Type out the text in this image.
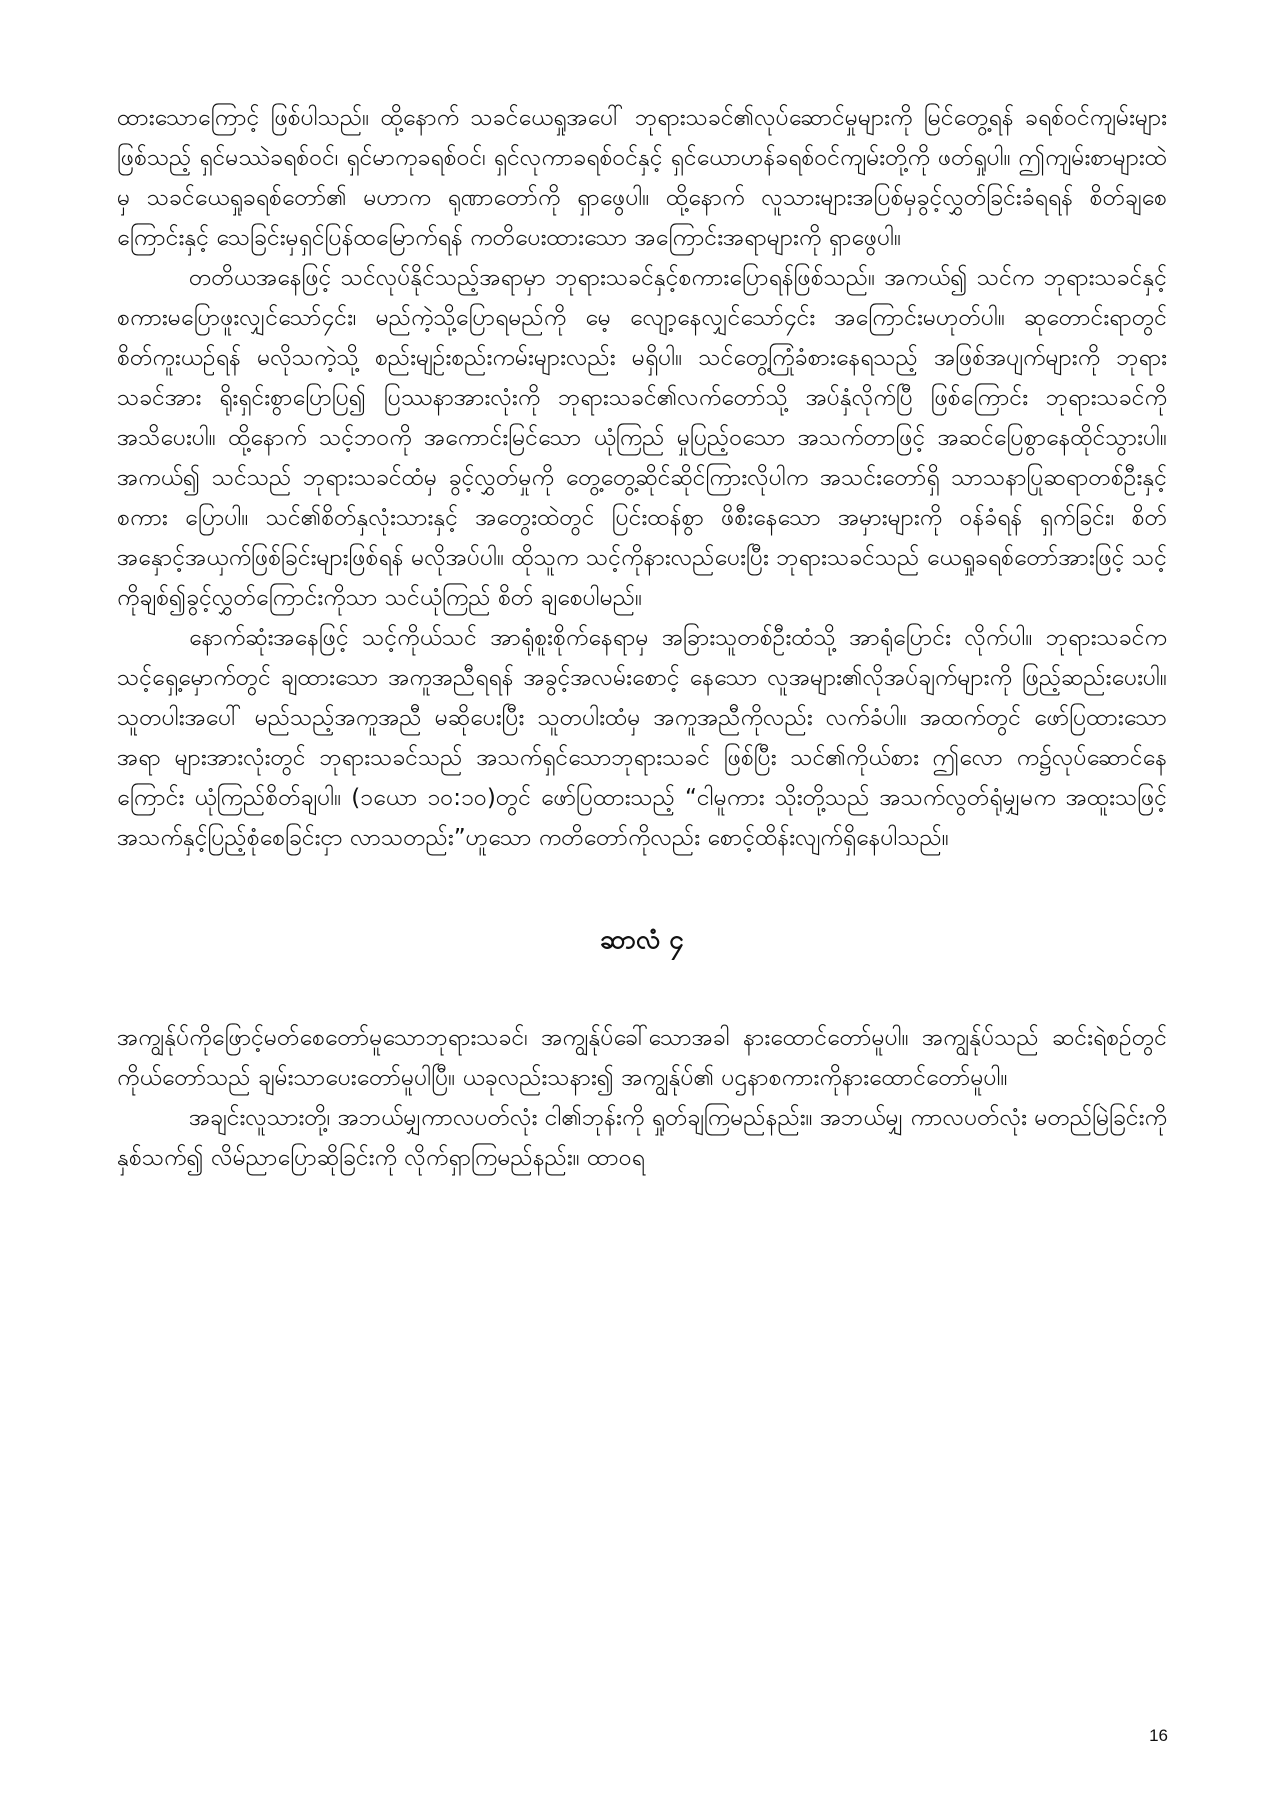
ထားသောကြောင့် ဖြစ်ပါသည်။ ထို့နောက် သခင်ယေရှုအပေါ် ဘုရားသခင်၏လုပ်ဆောင်မှုများကို မြင်တွေ့ရန် ခရစ်ဝင်ကျမ်းများ ဖြစ်သည့် ရှင်မဿဲခရစ်ဝင်၊ ရှင်မာကုခရစ်ဝင်၊ ရှင်လုကာခရစ်ဝင်နှင့် ရှင်ယောဟန်ခရစ်ဝင်ကျမ်းတို့ကို ဖတ်ရှုပါ။ ဤကျမ်းစာများထဲမှ သခင်ယေရှုခရစ်တော်၏ မဟာက ရုဏာတော်ကို ရှာဖွေပါ။ ထို့နောက် လူသားများအပြစ်မှခွင့်လွှတ်ခြင်းခံရရန် စိတ်ချစေကြောင်းနှင့် သေခြင်းမှရှင်ပြန်ထမြောက်ရန် ကတိပေးထားသော အကြောင်းအရာများကို ရှာဖွေပါ။

တတိယအနေဖြင့် သင်လုပ်နိုင်သည့်အရာမှာ ဘုရားသခင်နှင့်စကားပြောရန်ဖြစ်သည်။ အကယ်၍ သင်က ဘုရားသခင်နှင့်စကားမပြောဖူးလျှင်သော်၄င်း၊ မည်ကဲ့သို့ပြောရမည်ကို မေ့ လျော့နေလျှင်သော်၄င်း အကြောင်းမဟုတ်ပါ။ ဆုတောင်းရာတွင် စိတ်ကူးယဉ်ရန် မလိုသကဲ့သို့ စည်းမျဉ်းစည်းကမ်းများလည်း မရှိပါ။ သင်တွေ့ကြုံခံစားနေရသည့် အဖြစ်အပျက်များကို ဘုရား သခင်အား ရိုးရှင်းစွာပြောပြ၍ ပြဿနာအားလုံးကို ဘုရားသခင်၏လက်တော်သို့ အပ်နှံလိုက်ပြီ ဖြစ်ကြောင်း ဘုရားသခင်ကို အသိပေးပါ။ ထို့နောက် သင့်ဘဝကို အကောင်းမြင်သော ယုံကြည် မှုပြည့်ဝသော အသက်တာဖြင့် အဆင်ပြေစွာနေထိုင်သွားပါ။ အကယ်၍ သင်သည် ဘုရားသခင်ထံမှ ခွင့်လွှတ်မှုကို တွေ့တွေ့ဆိုင်ဆိုင်ကြားလိုပါက အသင်းတော်ရှိ သာသနာပြုဆရာတစ်ဦးနှင့် စကား ပြောပါ။ သင်၏စိတ်နှလုံးသားနှင့် အတွေးထဲတွင် ပြင်းထန်စွာ ဖိစီးနေသော အမှားများကို ဝန်ခံရန် ရှက်ခြင်း၊ စိတ်အနှောင့်အယှက်ဖြစ်ခြင်းများဖြစ်ရန် မလိုအပ်ပါ။ ထိုသူက သင့်ကိုနားလည်ပေးပြီး ဘုရားသခင်သည် ယေရှုခရစ်တော်အားဖြင့် သင့်ကိုချစ်၍ခွင့်လွှတ်ကြောင်းကိုသာ သင်ယုံကြည် စိတ် ချစေပါမည်။

နောက်ဆုံးအနေဖြင့် သင့်ကိုယ်သင် အာရုံစူးစိုက်နေရာမှ အခြားသူတစ်ဦးထံသို့ အာရုံပြောင်း လိုက်ပါ။ ဘုရားသခင်က သင့်ရှေ့မှောက်တွင် ချထားသော အကူအညီရရန် အခွင့်အလမ်းစောင့် နေသော လူအများ၏လိုအပ်ချက်များကို ဖြည့်ဆည်းပေးပါ။ သူတပါးအပေါ် မည်သည့်အကူအညီ မဆိုပေးပြီး သူတပါးထံမှ အကူအညီကိုလည်း လက်ခံပါ။ အထက်တွင် ဖော်ပြထားသော အရာ များအားလုံးတွင် ဘုရားသခင်သည် အသက်ရှင်သောဘုရားသခင် ဖြစ်ပြီး သင်၏ကိုယ်စား ဤလော က၌လုပ်ဆောင်နေကြောင်း ယုံကြည်စိတ်ချပါ။ (၁ယော ၁၀:၁၀)တွင် ဖော်ပြထားသည့် “ငါမူကား သိုးတို့သည် အသက်လွတ်ရုံမျှမက အထူးသဖြင့် အသက်နှင့်ပြည့်စုံစေခြင်းငှာ လာသတည်း”ဟူသော ကတိတော်ကိုလည်း စောင့်ထိန်းလျက်ရှိနေပါသည်။

ဆာလံ ၄

အကျွန်ုပ်ကိုဖြောင့်မတ်စေတော်မူသောဘုရားသခင်၊ အကျွန်ုပ်ခေါ်သောအခါ နားထောင်တော်မူပါ။ အကျွန်ုပ်သည် ဆင်းရဲစဉ်တွင် ကိုယ်တော်သည် ချမ်းသာပေးတော်မူပါပြီ။ ယခုလည်းသနား၍ အကျွန်ုပ်၏ ပဌနာစကားကိုနားထောင်တော်မူပါ။

အချင်းလူသားတို့၊ အဘယ်မျှကာလပတ်လုံး ငါ၏ဘုန်းကို ရှုတ်ချကြမည်နည်း။ အဘယ်မျှ ကာလပတ်လုံး မတည်မြဲခြင်းကိုနှစ်သက်၍ လိမ်ညာပြောဆိုခြင်းကို လိုက်ရှာကြမည်နည်း။ ထာဝရ

16
